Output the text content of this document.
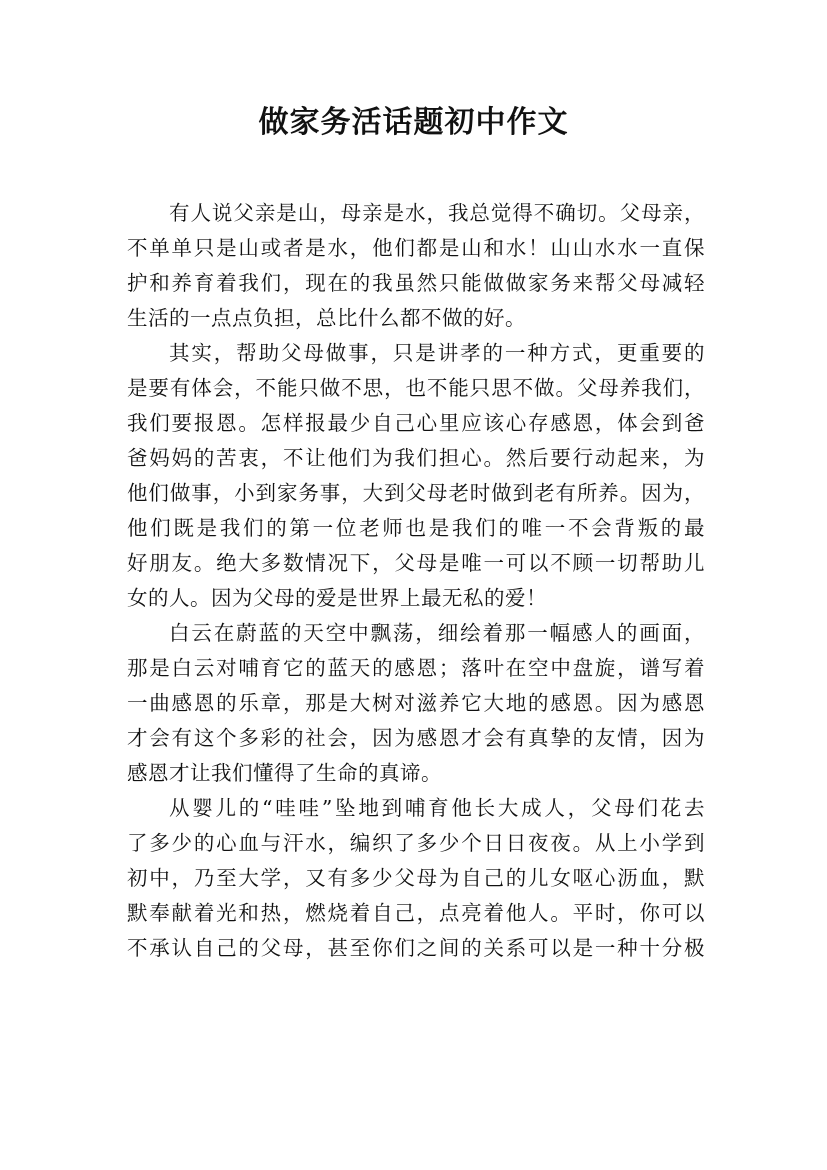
做家务活话题初中作文
有人说父亲是山，母亲是水，我总觉得不确切。父母亲，
不单单只是山或者是水，他们都是山和水！山山水水一直保
护和养育着我们，现在的我虽然只能做做家务来帮父母减轻
生活的一点点负担，总比什么都不做的好。
其实，帮助父母做事，只是讲孝的一种方式，更重要的
是要有体会，不能只做不思，也不能只思不做。父母养我们，
我们要报恩。怎样报最少自己心里应该心存感恩，体会到爸
爸妈妈的苦衷，不让他们为我们担心。然后要行动起来，为
他们做事，小到家务事，大到父母老时做到老有所养。因为，
他们既是我们的第一位老师也是我们的唯一不会背叛的最
好朋友。绝大多数情况下，父母是唯一可以不顾一切帮助儿
女的人。因为父母的爱是世界上最无私的爱！
白云在蔚蓝的天空中飘荡，细绘着那一幅感人的画面，
那是白云对哺育它的蓝天的感恩；落叶在空中盘旋，谱写着
一曲感恩的乐章，那是大树对滋养它大地的感恩。因为感恩
才会有这个多彩的社会，因为感恩才会有真挚的友情，因为
感恩才让我们懂得了生命的真谛。
从婴儿的“哇哇”坠地到哺育他长大成人，父母们花去
了多少的心血与汗水，编织了多少个日日夜夜。从上小学到
初中，乃至大学，又有多少父母为自己的儿女呕心沥血，默
默奉献着光和热，燃烧着自己，点亮着他人。平时，你可以
不承认自己的父母，甚至你们之间的关系可以是一种十分极
